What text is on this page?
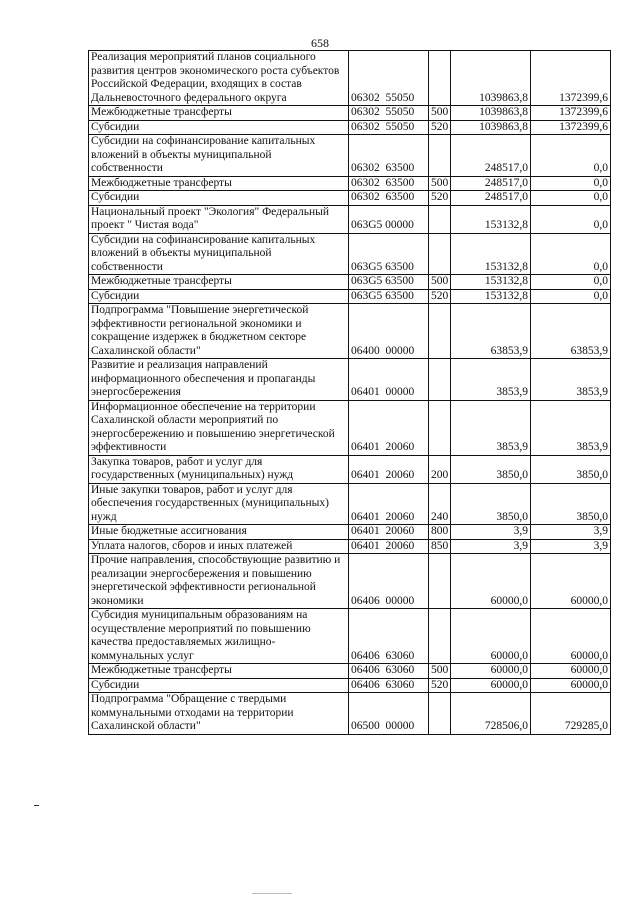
658
Реализация мероприятий планов социального развития центров экономического роста субъектов Российской Федерации, входящих в состав Дальневосточного федерального округа	06302  55050		1039863,8	1372399,6
Межбюджетные трансферты	06302  55050	500	1039863,8	1372399,6
Субсидии	06302  55050	520	1039863,8	1372399,6
Субсидии на софинансирование капитальных вложений в объекты муниципальной собственности	06302  63500		248517,0	0,0
Межбюджетные трансферты	06302  63500	500	248517,0	0,0
Субсидии	06302  63500	520	248517,0	0,0
Национальный проект "Экология" Федеральный проект " Чистая вода"	063G5 00000		153132,8	0,0
Субсидии на софинансирование капитальных вложений в объекты муниципальной собственности	063G5 63500		153132,8	0,0
Межбюджетные трансферты	063G5 63500	500	153132,8	0,0
Субсидии	063G5 63500	520	153132,8	0,0
Подпрограмма "Повышение энергетической эффективности региональной экономики и сокращение издержек в бюджетном секторе Сахалинской области"	06400  00000		63853,9	63853,9
Развитие и реализация направлений информационного обеспечения и пропаганды энергосбережения	06401  00000		3853,9	3853,9
Информационное обеспечение на территории Сахалинской области мероприятий по энергосбережению и повышению энергетической эффективности	06401  20060		3853,9	3853,9
Закупка товаров, работ и услуг для государственных (муниципальных) нужд	06401  20060	200	3850,0	3850,0
Иные закупки товаров, работ и услуг для обеспечения государственных (муниципальных) нужд	06401  20060	240	3850,0	3850,0
Иные бюджетные ассигнования	06401  20060	800	3,9	3,9
Уплата налогов, сборов и иных платежей	06401  20060	850	3,9	3,9
Прочие направления, способствующие развитию и реализации энергосбережения и повышению энергетической эффективности региональной экономики	06406  00000		60000,0	60000,0
Субсидия муниципальным образованиям на осуществление мероприятий по повышению качества предоставляемых жилищно-коммунальных услуг	06406  63060		60000,0	60000,0
Межбюджетные трансферты	06406  63060	500	60000,0	60000,0
Субсидии	06406  63060	520	60000,0	60000,0
Подпрограмма "Обращение с твердыми коммунальными отходами на территории Сахалинской области"	06500  00000		728506,0	729285,0
